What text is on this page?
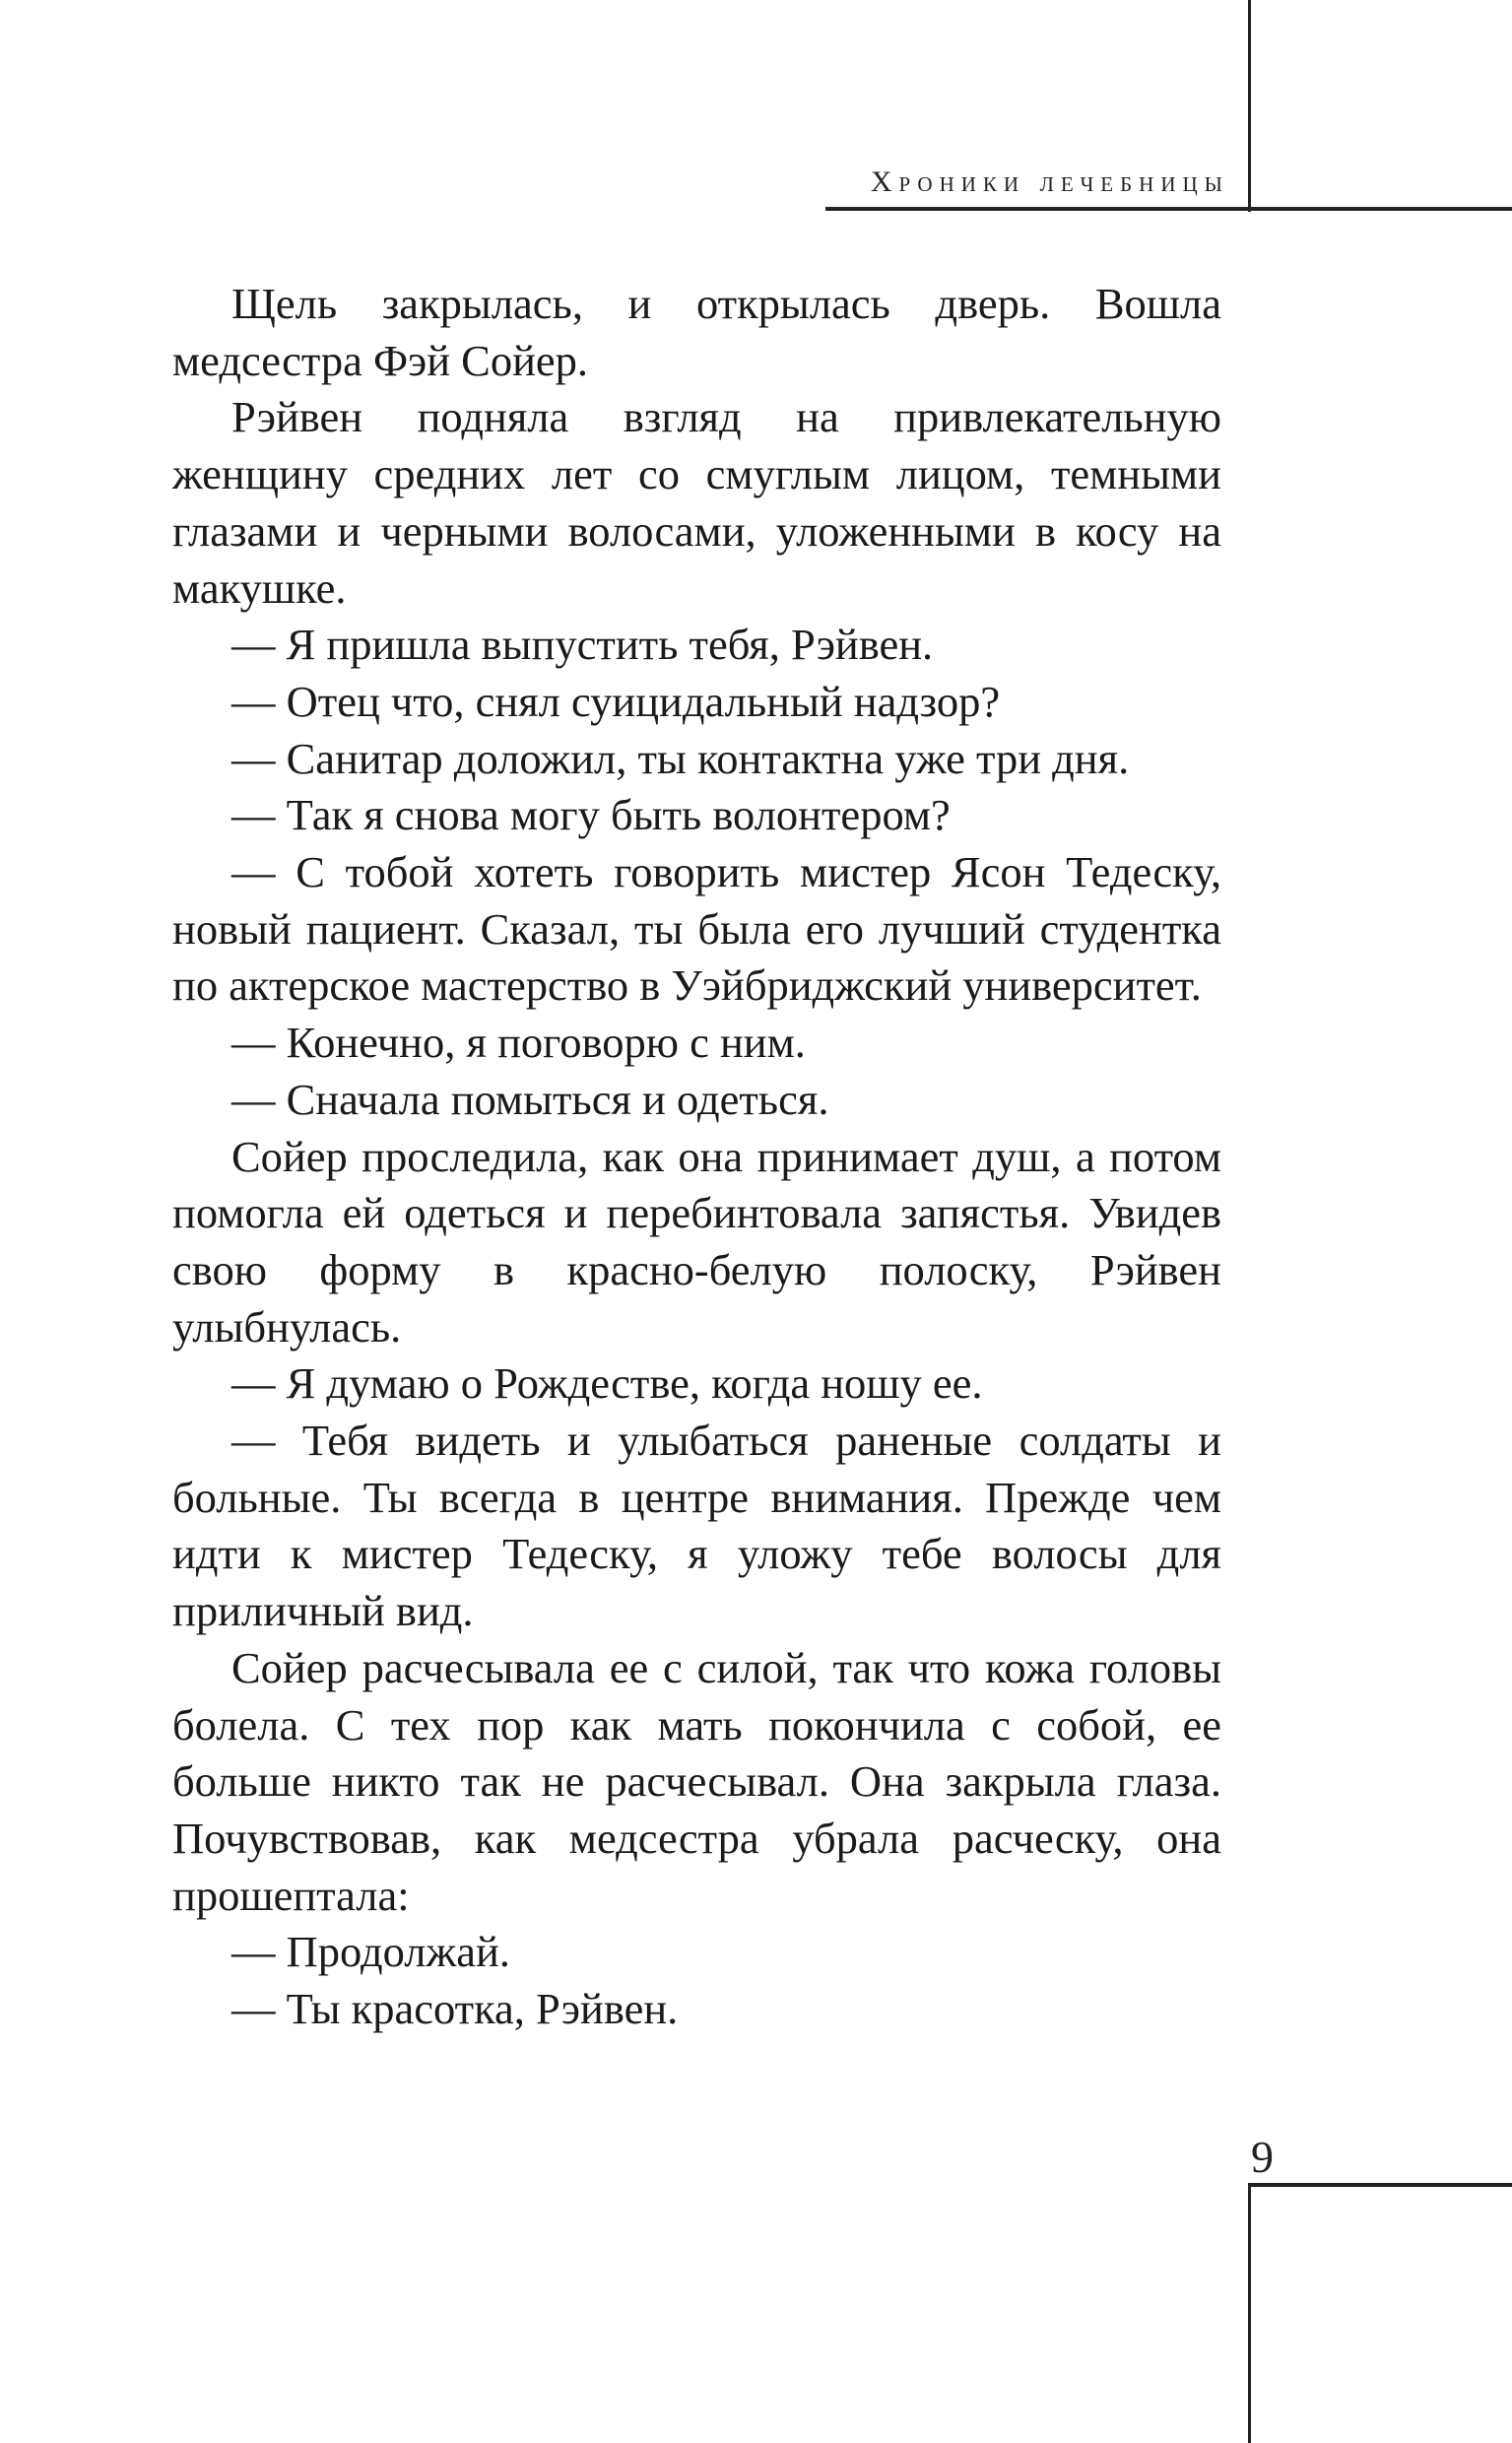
Хроники лечебницы

Щель закрылась, и открылась дверь. Вошла медсестра Фэй Сойер.

Рэйвен подняла взгляд на привлекательную женщину средних лет со смуглым лицом, темными глазами и черными волосами, уложенными в косу на макушке.

— Я пришла выпустить тебя, Рэйвен.

— Отец что, снял суицидальный надзор?

— Санитар доложил, ты контактна уже три дня.

— Так я снова могу быть волонтером?

— С тобой хотеть говорить мистер Ясон Тедеску, новый пациент. Сказал, ты была его лучший студентка по актерское мастерство в Уэйбриджский университет.

— Конечно, я поговорю с ним.

— Сначала помыться и одеться.

Сойер проследила, как она принимает душ, а потом помогла ей одеться и перебинтовала запястья. Увидев свою форму в красно-белую полоску, Рэйвен улыбнулась.

— Я думаю о Рождестве, когда ношу ее.

— Тебя видеть и улыбаться раненые солдаты и больные. Ты всегда в центре внимания. Прежде чем идти к мистер Тедеску, я уложу тебе волосы для приличный вид.

Сойер расчесывала ее с силой, так что кожа головы болела. С тех пор как мать покончила с собой, ее больше никто так не расчесывал. Она закрыла глаза. Почувствовав, как медсестра убрала расческу, она прошептала:

— Продолжай.

— Ты красотка, Рэйвен.

9
